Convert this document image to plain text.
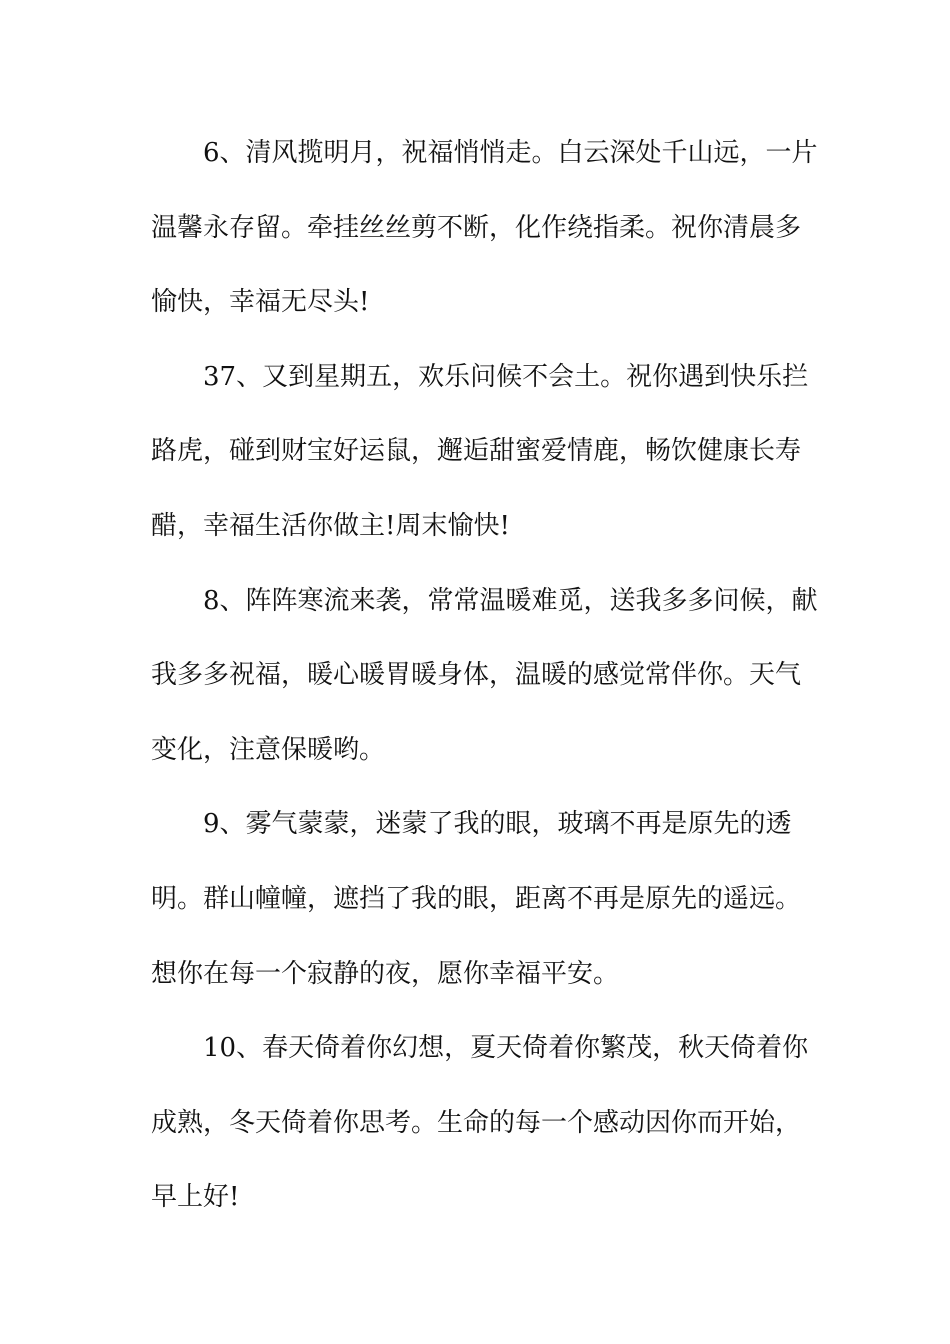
6、清风揽明月，祝福悄悄走。白云深处千山远，一片
温馨永存留。牵挂丝丝剪不断，化作绕指柔。祝你清晨多
愉快，幸福无尽头!

37、又到星期五，欢乐问候不会土。祝你遇到快乐拦
路虎，碰到财宝好运鼠，邂逅甜蜜爱情鹿，畅饮健康长寿
醋，幸福生活你做主!周末愉快!

8、阵阵寒流来袭，常常温暖难觅，送我多多问候，献
我多多祝福，暖心暖胃暖身体，温暖的感觉常伴你。天气
变化，注意保暖哟。

9、雾气蒙蒙，迷蒙了我的眼，玻璃不再是原先的透
明。群山幢幢，遮挡了我的眼，距离不再是原先的遥远。
想你在每一个寂静的夜，愿你幸福平安。

10、春天倚着你幻想，夏天倚着你繁茂，秋天倚着你
成熟，冬天倚着你思考。生命的每一个感动因你而开始，
早上好!
